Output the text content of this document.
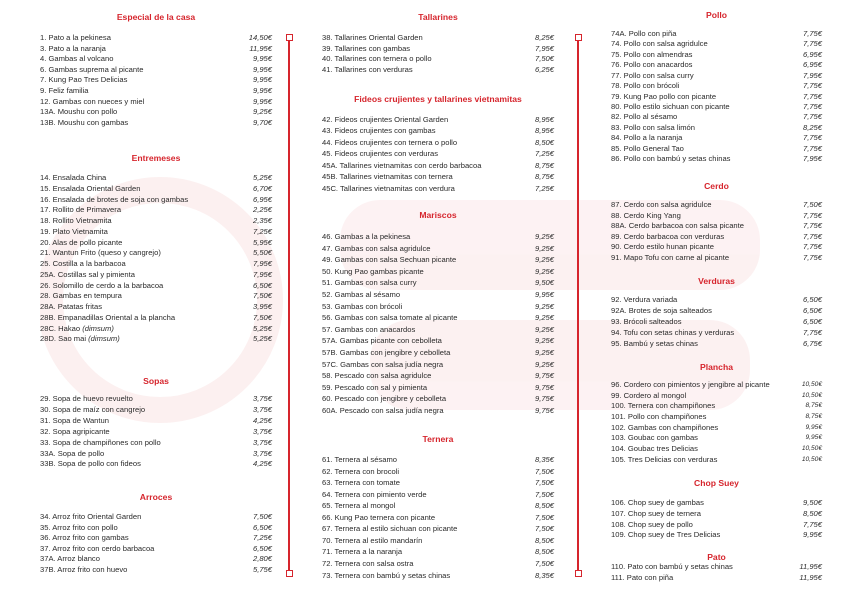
Especial de la casa
1. Pato a la pekinesa	14,50€
3. Pato a la naranja	11,95€
4. Gambas al volcano	9,95€
6. Gambas suprema al picante	9,95€
7. Kung Pao Tres Delicias	9,95€
9. Feliz familia	9,95€
12. Gambas con nueces y miel	9,95€
13A. Moushu con pollo	9,25€
13B. Moushu con gambas	9,70€
Entremeses
14. Ensalada China	5,25€
15. Ensalada Oriental Garden	6,70€
16. Ensalada de brotes de soja con gambas	6,95€
17. Rollito de Primavera	2,25€
18. Rollito Vietnamita	2,35€
19. Plato Vietnamita	7,25€
20. Alas de pollo picante	5,95€
21. Wantun Frito (queso y cangrejo)	5,50€
25. Costilla a la barbacoa	7,95€
25A. Costillas sal y pimienta	7,95€
26. Solomillo de cerdo a la barbacoa	6,50€
28. Gambas en tempura	7,50€
28A. Patatas fritas	3,95€
28B. Empanadillas Oriental a la plancha	7,50€
28C. Hakao (dimsum)	5,25€
28D. Sao mai (dimsum)	5,25€
Sopas
29. Sopa de huevo revuelto	3,75€
30. Sopa de maíz con cangrejo	3,75€
31. Sopa de Wantun	4,25€
32. Sopa agripicante	3,75€
33. Sopa de champiñones con pollo	3,75€
33A. Sopa de pollo	3,75€
33B. Sopa de pollo con fideos	4,25€
Arroces
34. Arroz frito Oriental Garden	7,50€
35. Arroz frito con pollo	6,50€
36. Arroz frito con gambas	7,25€
37. Arroz frito con cerdo barbacoa	6,50€
37A. Arroz blanco	2,80€
37B. Arroz frito con huevo	5,75€
Tallarines
38. Tallarines Oriental Garden	8,25€
39. Tallarines con gambas	7,95€
40. Tallarines con ternera o pollo	7,50€
41. Tallarines con verduras	6,25€
Fideos crujientes y tallarines vietnamitas
42. Fideos crujientes Oriental Garden	8,95€
43. Fideos crujientes con gambas	8,95€
44. Fideos crujientes con ternera o pollo	8,50€
45. Fideos crujientes con verduras	7,25€
45A. Tallarines vietnamitas con cerdo barbacoa	8,75€
45B. Tallarines vietnamitas con ternera	8,75€
45C. Tallarines vietnamitas con verdura	7,25€
Mariscos
46. Gambas a la pekinesa	9,25€
47. Gambas con salsa agridulce	9,25€
49. Gambas con salsa Sechuan picante	9,25€
50. Kung Pao gambas picante	9,25€
51. Gambas con salsa curry	9,50€
52. Gambas al sésamo	9,95€
53. Gambas con brócoli	9,25€
56. Gambas con salsa tomate al picante	9,25€
57. Gambas con anacardos	9,25€
57A. Gambas picante con cebolleta	9,25€
57B. Gambas con jengibre y cebolleta	9,25€
57C. Gambas con salsa judía negra	9,25€
58. Pescado con salsa agridulce	9,75€
59. Pescado con sal y pimienta	9,75€
60. Pescado con jengibre y cebolleta	9,75€
60A. Pescado con salsa judía negra	9,75€
Ternera
61. Ternera al sésamo	8,35€
62. Ternera con brocoli	7,50€
63. Ternera con tomate	7,50€
64. Ternera con pimiento verde	7,50€
65. Ternera al mongol	8,50€
66. Kung Pao ternera con picante	7,50€
67. Ternera al estilo sichuan con picante	7,50€
70. Ternera al estilo mandarín	8,50€
71. Ternera a la naranja	8,50€
72. Ternera con salsa ostra	7,50€
73. Ternera con bambú y setas chinas	8,35€
Pollo
74A. Pollo con piña	7,75€
74. Pollo con salsa agridulce	7,75€
75. Pollo con almendras	6,95€
76. Pollo con anacardos	6,95€
77. Pollo con salsa curry	7,95€
78. Pollo con brócoli	7,75€
79. Kung Pao pollo con picante	7,75€
80. Pollo estilo sichuan con picante	7,75€
82. Pollo al sésamo	7,75€
83. Pollo con salsa limón	8,25€
84. Pollo a la naranja	7,75€
85. Pollo General Tao	7,75€
86. Pollo con bambú y setas chinas	7,95€
Cerdo
87. Cerdo con salsa agridulce	7,50€
88. Cerdo King Yang	7,75€
88A. Cerdo barbacoa con salsa picante	7,75€
89. Cerdo barbacoa con verduras	7,75€
90. Cerdo estilo hunan picante	7,75€
91. Mapo Tofu con carne al picante	7,75€
Verduras
92. Verdura variada	6,50€
92A. Brotes de soja salteados	6,50€
93. Brócoli salteados	6,50€
94. Tofu con setas chinas y verduras	7,75€
95. Bambú y setas chinas	6,75€
Plancha
96. Cordero con pimientos y jengibre al picante	10,50€
99. Cordero al mongol	10,50€
100. Ternera con champiñones	8,75€
101. Pollo con champiñones	8,75€
102. Gambas con champiñones	9,95€
103. Goubac con gambas	9,95€
104. Goubac tres Delicias	10,50€
105. Tres Delicias con verduras	10,50€
Chop Suey
106. Chop suey de gambas	9,50€
107. Chop suey de ternera	8,50€
108. Chop suey de pollo	7,75€
109. Chop suey de Tres Delicias	9,95€
Pato
110. Pato con bambú y setas chinas	11,95€
111. Pato con piña	11,95€
